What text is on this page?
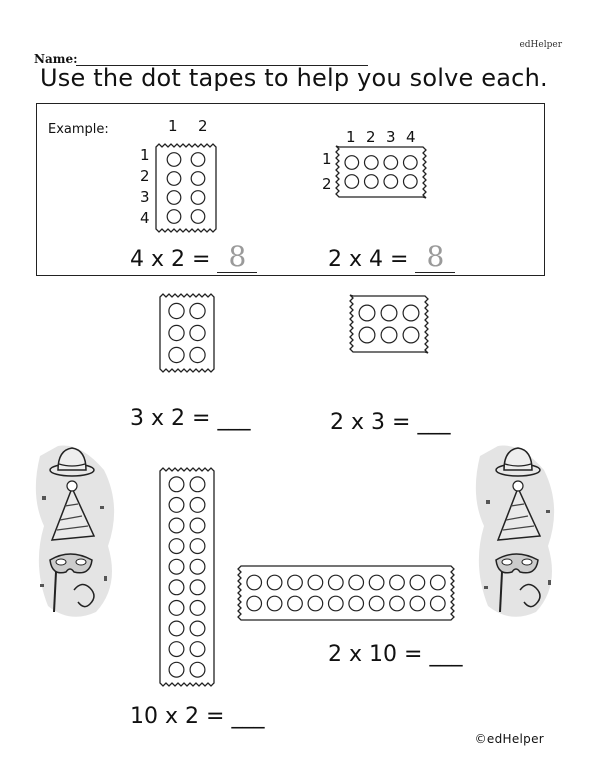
edHelper
Name:
Use the dot tapes to help you solve each.
Example:	1 2
1
2
3
4
1 2 3 4
1
2
4 x 2 = 8	2 x 4 = 8
3 x 2 = ___	2 x 3 = ___
10 x 2 = ___
2 x 10 = ___
©edHelper
